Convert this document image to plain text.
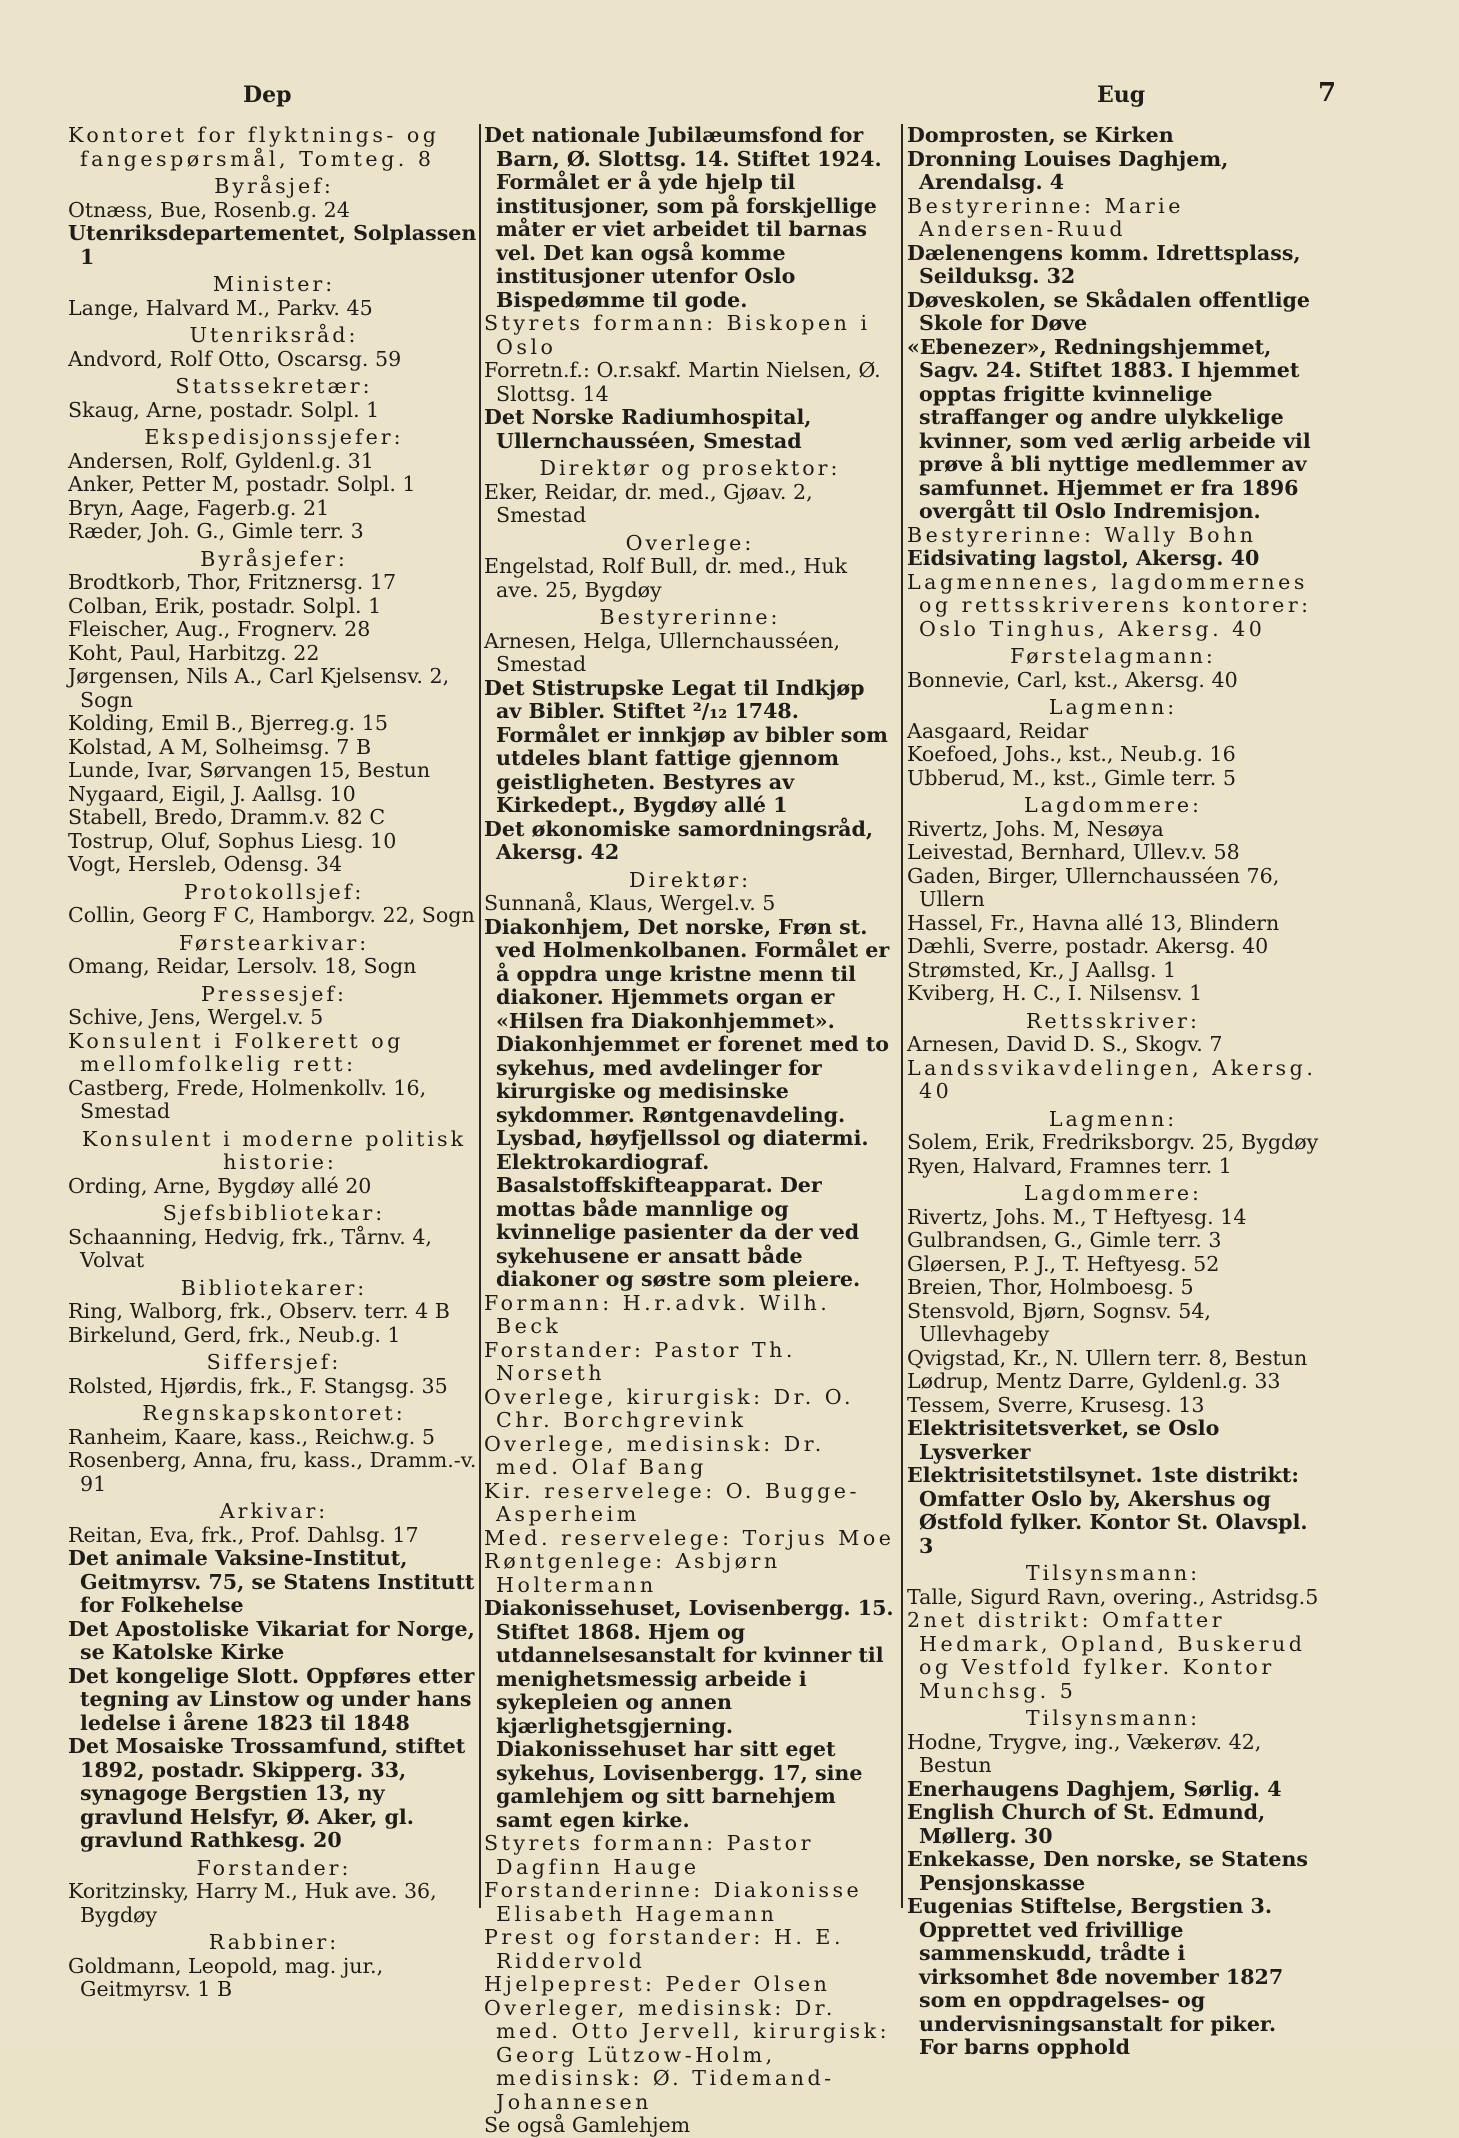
Dep	Eug	7

Kontoret for flyktnings- og fangespørsmål, Tomteg. 8

Byråsjef:

Otnæss, Bue, Rosenb.g. 24

Utenriksdepartementet, Solplassen 1

Minister:

Lange, Halvard M., Parkv. 45

Utenriksråd:

Andvord, Rolf Otto, Oscarsg. 59

Statssekretær:

Skaug, Arne, postadr. Solpl. 1

Ekspedisjonssjefer:

Andersen, Rolf, Gyldenl.g. 31

Anker, Petter M, postadr. Solpl. 1

Bryn, Aage, Fagerb.g. 21

Ræder, Joh. G., Gimle terr. 3

Byråsjefer:

Brodtkorb, Thor, Fritznersg. 17

Colban, Erik, postadr. Solpl. 1

Fleischer, Aug., Frognerv. 28

Koht, Paul, Harbitzg. 22

Jørgensen, Nils A., Carl Kjelsensv. 2, Sogn

Kolding, Emil B., Bjerreg.g. 15

Kolstad, A M, Solheimsg. 7 B

Lunde, Ivar, Sørvangen 15, Bestun

Nygaard, Eigil, J. Aallsg. 10

Stabell, Bredo, Dramm.v. 82 C

Tostrup, Oluf, Sophus Liesg. 10

Vogt, Hersleb, Odensg. 34

Protokollsjef:

Collin, Georg F C, Hamborgv. 22, Sogn

Førstearkivar:

Omang, Reidar, Lersolv. 18, Sogn

Pressesjef:

Schive, Jens, Wergel.v. 5

Konsulent i Folkerett og mellomfolkelig rett:

Castberg, Frede, Holmenkollv. 16, Smestad

Konsulent i moderne politisk historie:

Ording, Arne, Bygdøy allé 20

Sjefsbibliotekar:

Schaanning, Hedvig, frk., Tårnv. 4, Volvat

Bibliotekarer:

Ring, Walborg, frk., Observ. terr. 4 B

Birkelund, Gerd, frk., Neub.g. 1

Siffersjef:

Rolsted, Hjørdis, frk., F. Stangsg. 35

Regnskapskontoret:

Ranheim, Kaare, kass., Reichw.g. 5

Rosenberg, Anna, fru, kass., Dramm.-v. 91

Arkivar:

Reitan, Eva, frk., Prof. Dahlsg. 17

Det animale Vaksine-Institut, Geitmyrsv. 75, se Statens Institutt for Folkehelse

Det Apostoliske Vikariat for Norge, se Katolske Kirke

Det kongelige Slott. Oppføres etter tegning av Linstow og under hans ledelse i årene 1823 til 1848

Det Mosaiske Trossamfund, stiftet 1892, postadr. Skipperg. 33, synagoge Bergstien 13, ny gravlund Helsfyr, Ø. Aker, gl. gravlund Rathkesg. 20

Forstander:

Koritzinsky, Harry M., Huk ave. 36, Bygdøy

Rabbiner:

Goldmann, Leopold, mag. jur., Geitmyrsv. 1 B

Det nationale Jubilæumsfond for Barn, Ø. Slottsg. 14. Stiftet 1924. Formålet er å yde hjelp til institusjoner, som på forskjellige måter er viet arbeidet til barnas vel. Det kan også komme institusjoner utenfor Oslo Bispedømme til gode.

Styrets formann: Biskopen i Oslo

Forretn.f.: O.r.sakf. Martin Nielsen, Ø. Slottsg. 14

Det Norske Radiumhospital, Ullernchausséen, Smestad

Direktør og prosektor:

Eker, Reidar, dr. med., Gjøav. 2, Smestad

Overlege:

Engelstad, Rolf Bull, dr. med., Huk ave. 25, Bygdøy

Bestyrerinne:

Arnesen, Helga, Ullernchausséen, Smestad

Det Stistrupske Legat til Indkjøp av Bibler. Stiftet ²/₁₂ 1748. Formålet er innkjøp av bibler som utdeles blant fattige gjennom geistligheten. Bestyres av Kirkedept., Bygdøy allé 1

Det økonomiske samordningsråd, Akersg. 42

Direktør:

Sunnanå, Klaus, Wergel.v. 5

Diakonhjem, Det norske, Frøn st. ved Holmenkolbanen. Formålet er å oppdra unge kristne menn til diakoner. Hjemmets organ er «Hilsen fra Diakonhjemmet». Diakonhjemmet er forenet med to sykehus, med avdelinger for kirurgiske og medisinske sykdommer. Røntgenavdeling. Lysbad, høyfjellssol og diatermi. Elektrokardiograf. Basalstoffskifteapparat. Der mottas både mannlige og kvinnelige pasienter da der ved sykehusene er ansatt både diakoner og søstre som pleiere.

Formann: H.r.advk. Wilh. Beck

Forstander: Pastor Th. Norseth

Overlege, kirurgisk: Dr. O. Chr. Borchgrevink

Overlege, medisinsk: Dr. med. Olaf Bang

Kir. reservelege: O. Bugge-Asperheim

Med. reservelege: Torjus Moe

Røntgenlege: Asbjørn Holtermann

Diakonissehuset, Lovisenbergg. 15. Stiftet 1868. Hjem og utdannelsesanstalt for kvinner til menighetsmessig arbeide i sykepleien og annen kjærlighetsgjerning. Diakonissehuset har sitt eget sykehus, Lovisenbergg. 17, sine gamlehjem og sitt barnehjem samt egen kirke.

Styrets formann: Pastor Dagfinn Hauge

Forstanderinne: Diakonisse Elisabeth Hagemann

Prest og forstander: H. E. Riddervold

Hjelpeprest: Peder Olsen

Overleger, medisinsk: Dr. med. Otto Jervell, kirurgisk: Georg Lützow-Holm, medisinsk: Ø. Tidemand-Johannesen

Se også Gamlehjem

Domprosten, se Kirken

Dronning Louises Daghjem, Arendalsg. 4

Bestyrerinne: Marie Andersen-Ruud

Dælenengens komm. Idrettsplass, Seilduksg. 32

Døveskolen, se Skådalen offentlige Skole for Døve

«Ebenezer», Redningshjemmet, Sagv. 24. Stiftet 1883. I hjemmet opptas frigitte kvinnelige straffanger og andre ulykkelige kvinner, som ved ærlig arbeide vil prøve å bli nyttige medlemmer av samfunnet. Hjemmet er fra 1896 overgått til Oslo Indremisjon.

Bestyrerinne: Wally Bohn

Eidsivating lagstol, Akersg. 40

Lagmennenes, lagdommernes og rettsskriverens kontorer: Oslo Tinghus, Akersg. 40

Førstelagmann:

Bonnevie, Carl, kst., Akersg. 40

Lagmenn:

Aasgaard, Reidar

Koefoed, Johs., kst., Neub.g. 16

Ubberud, M., kst., Gimle terr. 5

Lagdommere:

Rivertz, Johs. M, Nesøya

Leivestad, Bernhard, Ullev.v. 58

Gaden, Birger, Ullernchausséen 76, Ullern

Hassel, Fr., Havna allé 13, Blindern

Dæhli, Sverre, postadr. Akersg. 40

Strømsted, Kr., J Aallsg. 1

Kviberg, H. C., I. Nilsensv. 1

Rettsskriver:

Arnesen, David D. S., Skogv. 7

Landssvikavdelingen, Akersg. 40

Lagmenn:

Solem, Erik, Fredriksborgv. 25, Bygdøy

Ryen, Halvard, Framnes terr. 1

Lagdommere:

Rivertz, Johs. M., T Heftyesg. 14

Gulbrandsen, G., Gimle terr. 3

Gløersen, P. J., T. Heftyesg. 52

Breien, Thor, Holmboesg. 5

Stensvold, Bjørn, Sognsv. 54, Ullevhageby

Qvigstad, Kr., N. Ullern terr. 8, Bestun

Lødrup, Mentz Darre, Gyldenl.g. 33

Tessem, Sverre, Krusesg. 13

Elektrisitetsverket, se Oslo Lysverker

Elektrisitetstilsynet. 1ste distrikt: Omfatter Oslo by, Akershus og Østfold fylker. Kontor St. Olavspl. 3

Tilsynsmann:

Talle, Sigurd Ravn, overing., Astridsg.5

2net distrikt: Omfatter Hedmark, Opland, Buskerud og Vestfold fylker. Kontor Munchsg. 5

Tilsynsmann:

Hodne, Trygve, ing., Vækerøv. 42, Bestun

Enerhaugens Daghjem, Sørlig. 4

English Church of St. Edmund, Møllerg. 30

Enkekasse, Den norske, se Statens Pensjonskasse

Eugenias Stiftelse, Bergstien 3. Opprettet ved frivillige sammenskudd, trådte i virksomhet 8de november 1827 som en oppdragelses- og undervisningsanstalt for piker. For barns opphold
